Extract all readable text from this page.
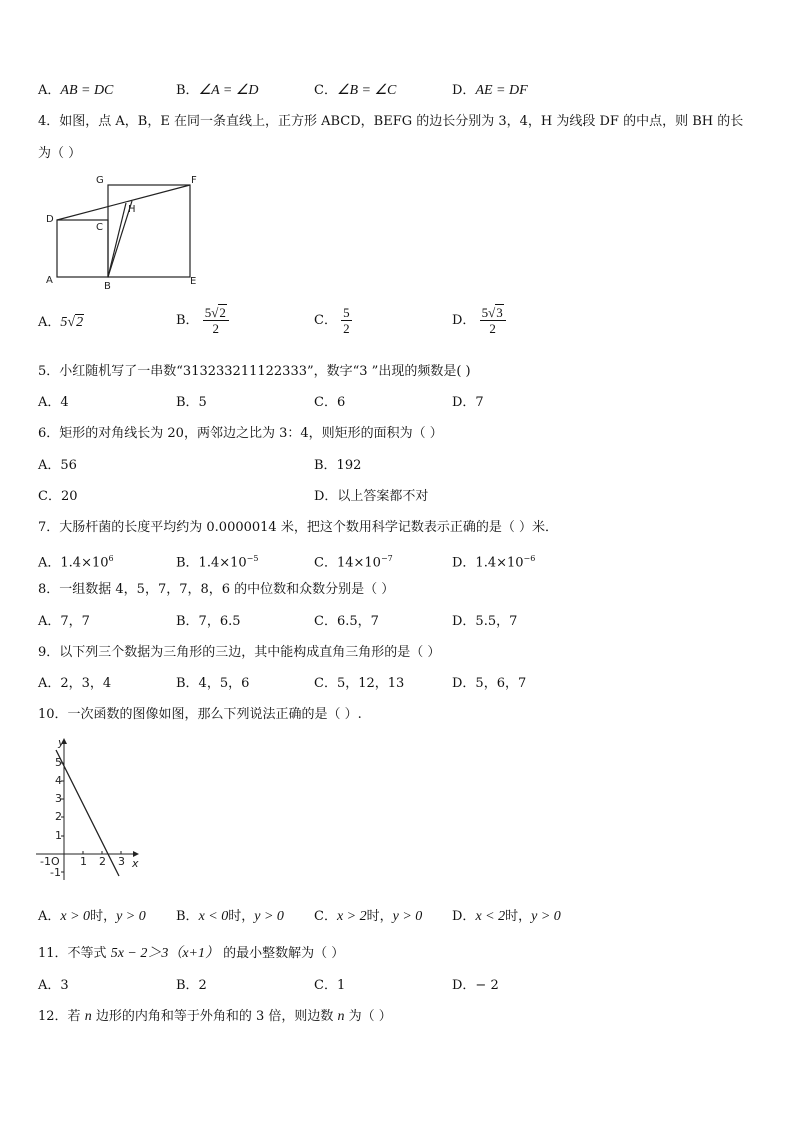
A．AB = DC	B．∠A = ∠D	C．∠B = ∠C	D．AE = DF
4．如图，点 A，B，E 在同一条直线上，正方形 ABCD，BEFG 的边长分别为 3，4，H 为线段 DF 的中点，则 BH 的长
为（ ）
G	F
D
C
H
A
B	E
A．5√2	B． $\frac{5√2}{2}$	C． $\frac{5}{2}$	D． $\frac{5√3}{2}$
5．小红随机写了一串数“313233211122333”，数字“3 ”出现的频数是( )
A．4	B．5	C．6	D．7
6．矩形的对角线长为 20，两邻边之比为 3：4，则矩形的面积为（ ）
A．56	B．192
C．20	D．以上答案都不对
7．大肠杆菌的长度平均约为 0.0000014 米，把这个数用科学记数表示正确的是（ ）米．
A．$1.4\times 10^6$	B．$1.4\times 10^{-5}$	C．$14\times 10^{-7}$	D．$1.4\times 10^{-6}$
8．一组数据 4，5，7，7，8，6 的中位数和众数分别是（ ）
A．7，7	B．7，6.5	C．6.5，7	D．5.5，7
9．以下列三个数据为三角形的三边，其中能构成直角三角形的是（ ）
A．2，3，4	B．4，5，6	C．5，12，13	D．5，6，7
10．一次函数的图像如图，那么下列说法正确的是（ ）.
y
x
5
4
3
2
1
-1
-1O 1 2 3
A．x > 0时，y > 0 B．x < 0时，y > 0 C．x > 2时，y > 0 D．x < 2时，y > 0
11．不等式 5x − 2＞3（x+1） 的最小整数解为（ ）
A．3	B．2	C．1	D．− 2
12．若 n 边形的内角和等于外角和的 3 倍，则边数 n 为（ ）
